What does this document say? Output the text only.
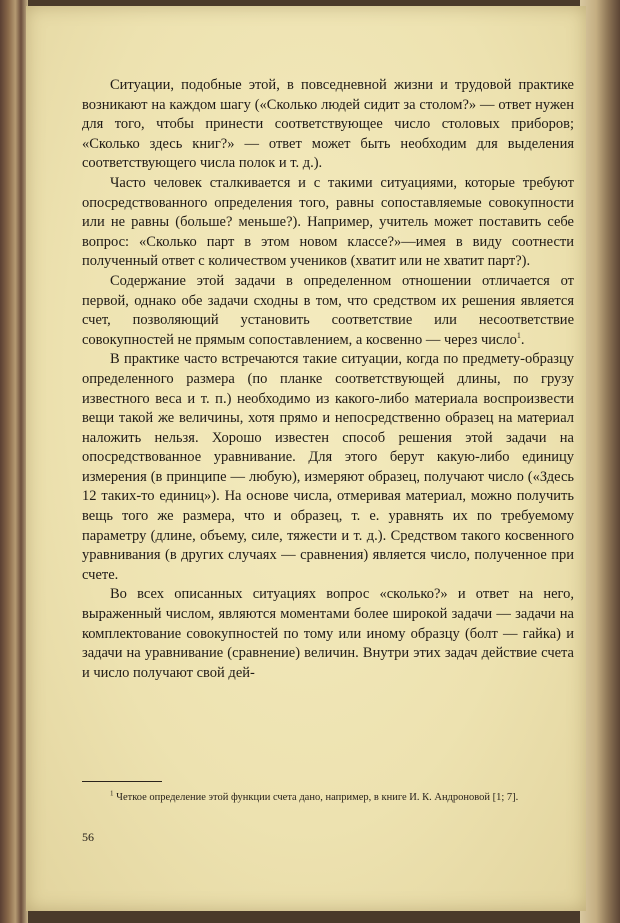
Ситуации, подобные этой, в повседневной жизни и трудовой практике возникают на каждом шагу («Сколько людей сидит за столом?» — ответ нужен для того, чтобы принести соответствующее число столовых приборов; «Сколько здесь книг?» — ответ может быть необходим для выделения соответствующего числа полок и т. д.).

Часто человек сталкивается и с такими ситуациями, которые требуют опосредствованного определения того, равны сопоставляемые совокупности или не равны (больше? меньше?). Например, учитель может поставить себе вопрос: «Сколько парт в этом новом классе?»—имея в виду соотнести полученный ответ с количеством учеников (хватит или не хватит парт?).

Содержание этой задачи в определенном отношении отличается от первой, однако обе задачи сходны в том, что средством их решения является счет, позволяющий установить соответствие или несоответствие совокупностей не прямым сопоставлением, а косвенно — через число$^1$.

В практике часто встречаются такие ситуации, когда по предмету-образцу определенного размера (по планке соответствующей длины, по грузу известного веса и т. п.) необходимо из какого-либо материала воспроизвести вещи такой же величины, хотя прямо и непосредственно образец на материал наложить нельзя. Хорошо известен способ решения этой задачи на опосредствованное уравнивание. Для этого берут какую-либо единицу измерения (в принципе — любую), измеряют образец, получают число («Здесь 12 таких-то единиц»). На основе числа, отмеривая материал, можно получить вещь того же размера, что и образец, т. е. уравнять их по требуемому параметру (длине, объему, силе, тяжести и т. д.). Средством такого косвенного уравнивания (в других случаях — сравнения) является число, полученное при счете.

Во всех описанных ситуациях вопрос «сколько?» и ответ на него, выраженный числом, являются моментами более широкой задачи — задачи на комплектование совокупностей по тому или иному образцу (болт — гайка) и задачи на уравнивание (сравнение) величин. Внутри этих задач действие счета и число получают свой дей-

$^1$ Четкое определение этой функции счета дано, например, в книге И. К. Андроновой [1; 7].
56
